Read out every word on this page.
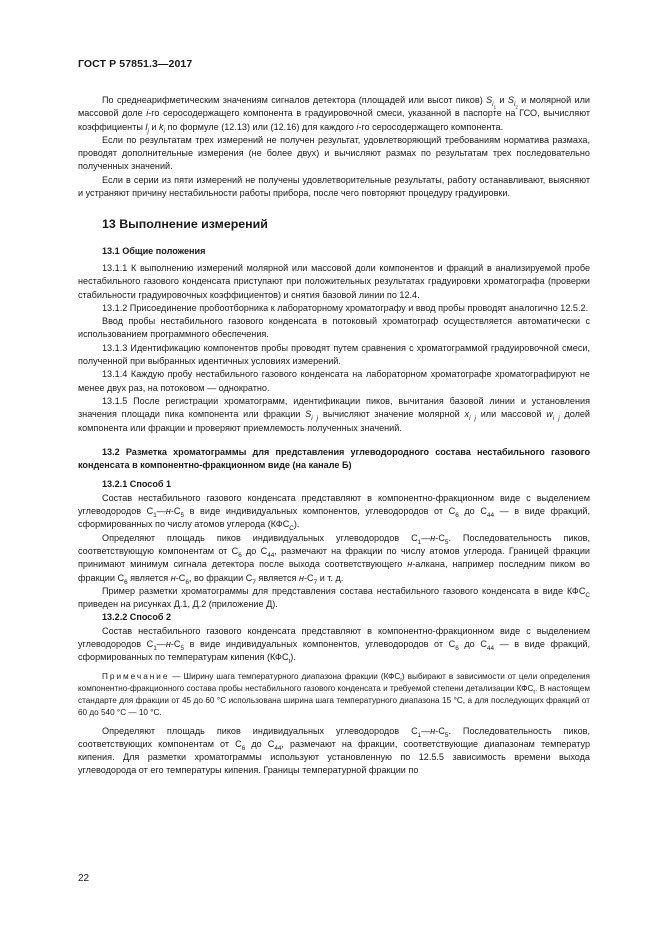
ГОСТ Р 57851.3—2017

По среднеарифметическим значениям сигналов детектора (площадей или высот пиков) $S_{i_1}$ и $S_{i_2}$ и молярной или массовой доле i-го серосодержащего компонента в градуировочной смеси, указанной в паспорте на ГСО, вычисляют коэффициенты $l_j$ и $k_i$ по формуле (12.13) или (12.16) для каждого i-го серосодержащего компонента.

Если по результатам трех измерений не получен результат, удовлетворяющий требованиям норматива размаха, проводят дополнительные измерения (не более двух) и вычисляют размах по результатам трех последовательно полученных значений.

Если в серии из пяти измерений не получены удовлетворительные результаты, работу останавливают, выясняют и устраняют причину нестабильности работы прибора, после чего повторяют процедуру градуировки.

13 Выполнение измерений

13.1 Общие положения

13.1.1 К выполнению измерений молярной или массовой доли компонентов и фракций в анализируемой пробе нестабильного газового конденсата приступают при положительных результатах градуировки хроматографа (проверки стабильности градуировочных коэффициентов) и снятия базовой линии по 12.4.

13.1.2 Присоединение пробоотборника к лабораторному хроматографу и ввод пробы проводят аналогично 12.5.2.

Ввод пробы нестабильного газового конденсата в потоковый хроматограф осуществляется автоматически с использованием программного обеспечения.

13.1.3 Идентификацию компонентов пробы проводят путем сравнения с хроматограммой градуировочной смеси, полученной при выбранных идентичных условиях измерений.

13.1.4 Каждую пробу нестабильного газового конденсата на лабораторном хроматографе хроматографируют не менее двух раз, на потоковом — однократно.

13.1.5 После регистрации хроматограмм, идентификации пиков, вычитания базовой линии и установления значения площади пика компонента или фракции $S_{i j}$ вычисляют значение молярной $x_{i j}$ или массовой $w_{i j}$ долей компонента или фракции и проверяют приемлемость полученных значений.

13.2 Разметка хроматограммы для представления углеводородного состава нестабильного газового конденсата в компонентно-фракционном виде (на канале Б)

13.2.1 Способ 1

Состав нестабильного газового конденсата представляют в компонентно-фракционном виде с выделением углеводородов $C_1—н-C_5$ в виде индивидуальных компонентов, углеводородов от $C_6$ до $C_{44}$ — в виде фракций, сформированных по числу атомов углерода $(КФС_С)$.

Определяют площадь пиков индивидуальных углеводородов $C_1—н-C_5$. Последовательность пиков, соответствующую компонентам от $C_6$ до $C_{44}$, размечают на фракции по числу атомов углерода. Границей фракции принимают минимум сигнала детектора после выхода соответствующего н-алкана, например последним пиком во фракции $C_6$ является $н-C_6$, во фракции $C_7$ является $н-C_7$ и т. д.

Пример разметки хроматограммы для представления состава нестабильного газового конденсата в виде $КФС_С$ приведен на рисунках Д.1, Д.2 (приложение Д).

13.2.2 Способ 2

Состав нестабильного газового конденсата представляют в компонентно-фракционном виде с выделением углеводородов $C_1—н-C_5$ в виде индивидуальных компонентов, углеводородов от $C_6$ до $C_{44}$ — в виде фракций, сформированных по температурам кипения $(КФС_t)$.

Примечание — Ширину шага температурного диапазона фракции $(КФС_t)$ выбирают в зависимости от цели определения компонентно-фракционного состава пробы нестабильного газового конденсата и требуемой степени детализации $КФС_t$. В настоящем стандарте для фракции от 45 до 60 °С использована ширина шага температурного диапазона 15 °С, а для последующих фракций от 60 до 540 °С — 10 °С.

Определяют площадь пиков индивидуальных углеводородов $C_1—н-C_5$. Последовательность пиков, соответствующих компонентам от $C_6$ до $C_{44}$, размечают на фракции, соответствующие диапазонам температур кипения. Для разметки хроматограммы используют установленную по 12.5.5 зависимость времени выхода углеводорода от его температуры кипения. Границы температурной фракции по

22
